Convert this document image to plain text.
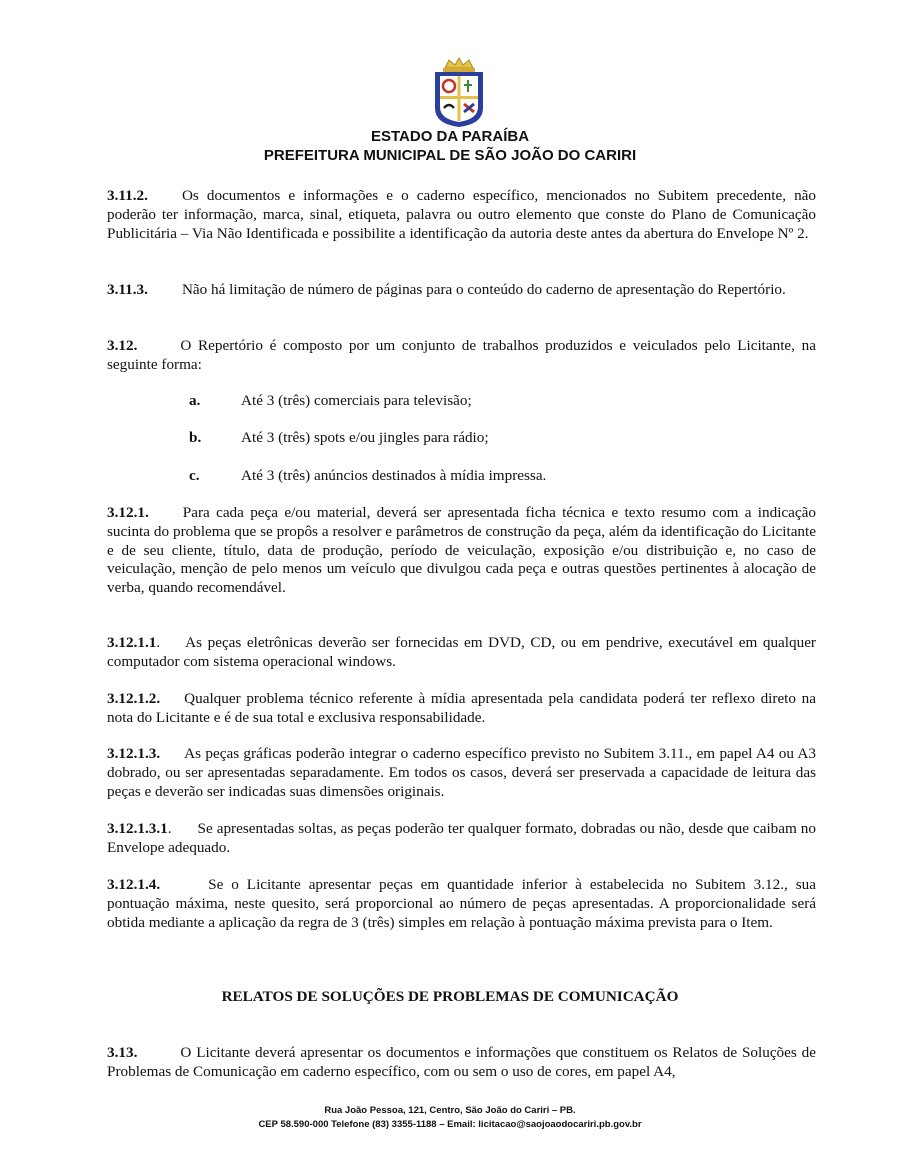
ESTADO DA PARAÍBA
PREFEITURA MUNICIPAL DE SÃO JOÃO DO CARIRI

3.11.2. Os documentos e informações e o caderno específico, mencionados no Subitem precedente, não poderão ter informação, marca, sinal, etiqueta, palavra ou outro elemento que conste do Plano de Comunicação Publicitária – Via Não Identificada e possibilite a identificação da autoria deste antes da abertura do Envelope Nº 2.

3.11.3. Não há limitação de número de páginas para o conteúdo do caderno de apresentação do Repertório.

3.12.	O Repertório é composto por um conjunto de trabalhos produzidos e veiculados pelo Licitante, na seguinte forma:

a.	Até 3 (três) comerciais para televisão;
b.	Até 3 (três) spots e/ou jingles para rádio;
c.	Até 3 (três) anúncios destinados à mídia impressa.

3.12.1. Para cada peça e/ou material, deverá ser apresentada ficha técnica e texto resumo com a indicação sucinta do problema que se propôs a resolver e parâmetros de construção da peça, além da identificação do Licitante e de seu cliente, título, data de produção, período de veiculação, exposição e/ou distribuição e, no caso de veiculação, menção de pelo menos um veículo que divulgou cada peça e outras questões pertinentes à alocação de verba, quando recomendável.

3.12.1.1. As peças eletrônicas deverão ser fornecidas em DVD, CD, ou em pendrive, executável em qualquer computador com sistema operacional windows.

3.12.1.2. Qualquer problema técnico referente à mídia apresentada pela candidata poderá ter reflexo direto na nota do Licitante e é de sua total e exclusiva responsabilidade.

3.12.1.3. As peças gráficas poderão integrar o caderno específico previsto no Subitem 3.11., em papel A4 ou A3 dobrado, ou ser apresentadas separadamente. Em todos os casos, deverá ser preservada a capacidade de leitura das peças e deverão ser indicadas suas dimensões originais.

3.12.1.3.1. Se apresentadas soltas, as peças poderão ter qualquer formato, dobradas ou não, desde que caibam no Envelope adequado.

3.12.1.4.	Se o Licitante apresentar peças em quantidade inferior à estabelecida no Subitem 3.12., sua pontuação máxima, neste quesito, será proporcional ao número de peças apresentadas. A proporcionalidade será obtida mediante a aplicação da regra de 3 (três) simples em relação à pontuação máxima prevista para o Item.

RELATOS DE SOLUÇÕES DE PROBLEMAS DE COMUNICAÇÃO

3.13.	O Licitante deverá apresentar os documentos e informações que constituem os Relatos de Soluções de Problemas de Comunicação em caderno específico, com ou sem o uso de cores, em papel A4,

Rua João Pessoa, 121, Centro, São João do Cariri – PB.
CEP 58.590-000 Telefone (83) 3355-1188 – Email: licitacao@saojoaodocariri.pb.gov.br
